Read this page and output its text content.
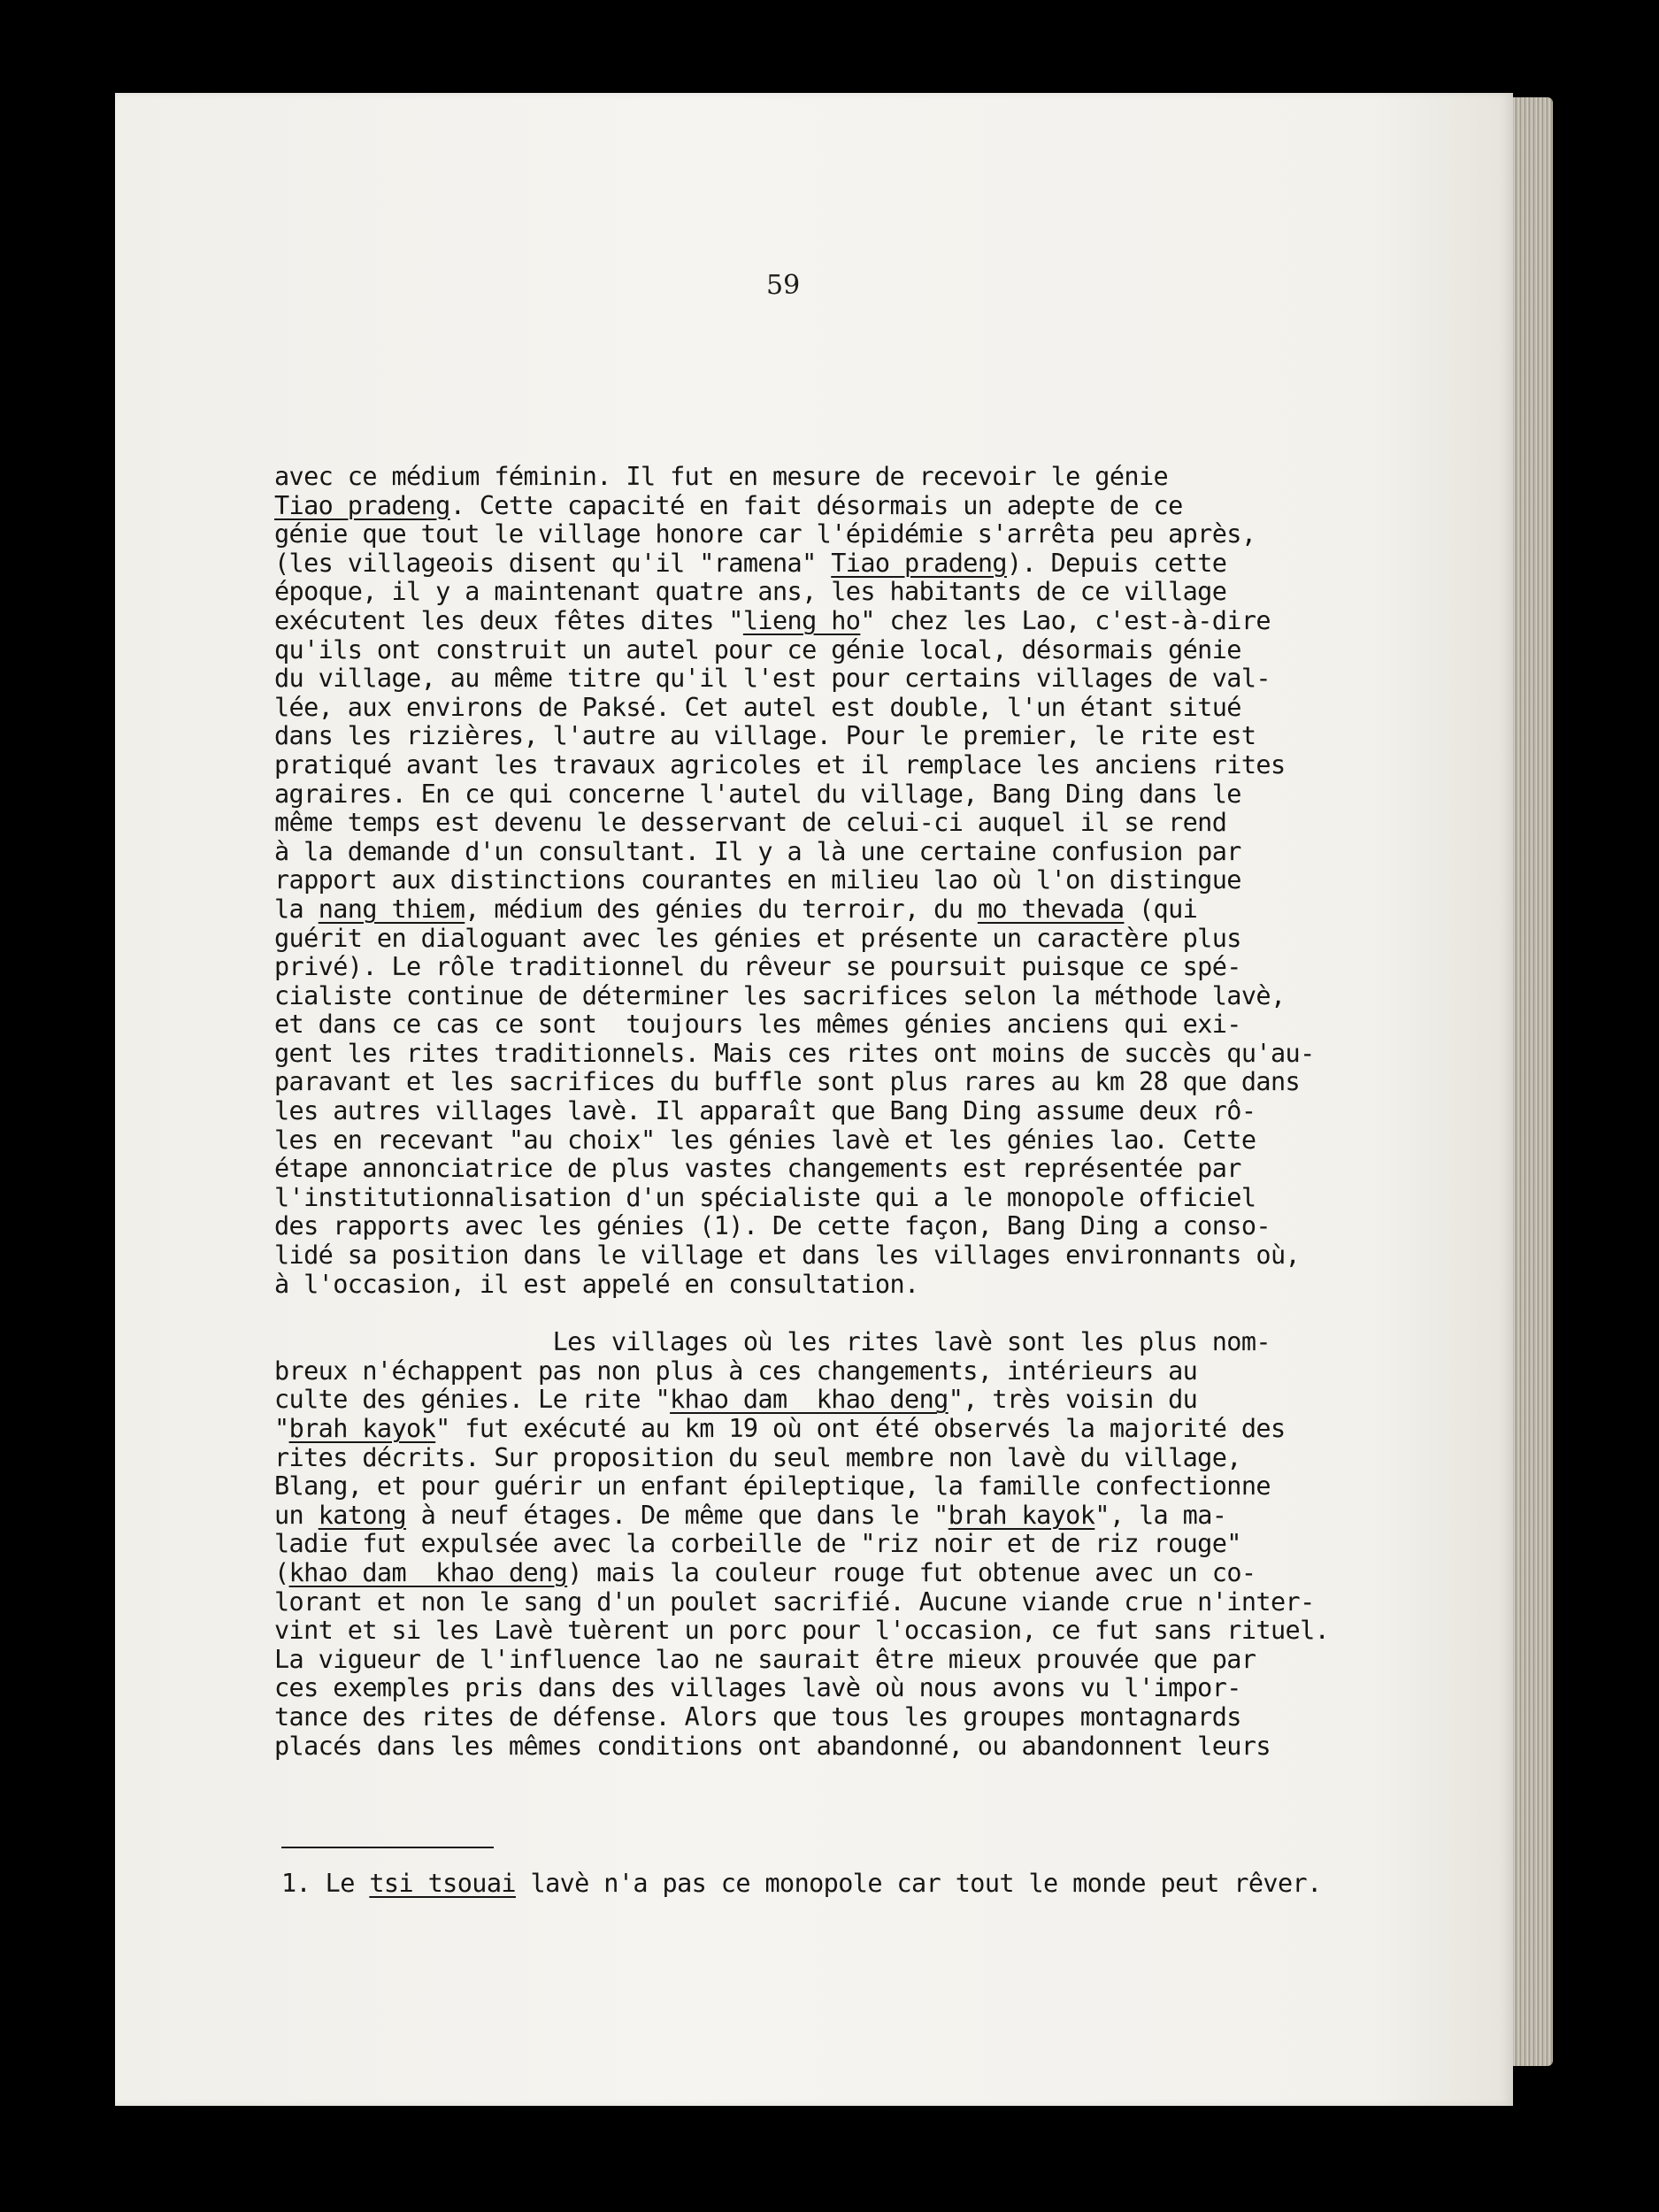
59
avec ce médium féminin. Il fut en mesure de recevoir le génie
Tiao pradeng. Cette capacité en fait désormais un adepte de ce
génie que tout le village honore car l'épidémie s'arrêta peu après,
(les villageois disent qu'il "ramena" Tiao pradeng). Depuis cette
époque, il y a maintenant quatre ans, les habitants de ce village
exécutent les deux fêtes dites "lieng ho" chez les Lao, c'est-à-dire
qu'ils ont construit un autel pour ce génie local, désormais génie
du village, au même titre qu'il l'est pour certains villages de val-
lée, aux environs de Paksé. Cet autel est double, l'un étant situé
dans les rizières, l'autre au village. Pour le premier, le rite est
pratiqué avant les travaux agricoles et il remplace les anciens rites
agraires. En ce qui concerne l'autel du village, Bang Ding dans le
même temps est devenu le desservant de celui-ci auquel il se rend
à la demande d'un consultant. Il y a là une certaine confusion par
rapport aux distinctions courantes en milieu lao où l'on distingue
la nang thiem, médium des génies du terroir, du mo thevada (qui
guérit en dialoguant avec les génies et présente un caractère plus
privé). Le rôle traditionnel du rêveur se poursuit puisque ce spé-
cialiste continue de déterminer les sacrifices selon la méthode lavè,
et dans ce cas ce sont  toujours les mêmes génies anciens qui exi-
gent les rites traditionnels. Mais ces rites ont moins de succès qu'au-
paravant et les sacrifices du buffle sont plus rares au km 28 que dans
les autres villages lavè. Il apparaît que Bang Ding assume deux rô-
les en recevant "au choix" les génies lavè et les génies lao. Cette
étape annonciatrice de plus vastes changements est représentée par
l'institutionnalisation d'un spécialiste qui a le monopole officiel
des rapports avec les génies (1). De cette façon, Bang Ding a conso-
lidé sa position dans le village et dans les villages environnants où,
à l'occasion, il est appelé en consultation.
Les villages où les rites lavè sont les plus nom-
breux n'échappent pas non plus à ces changements, intérieurs au
culte des génies. Le rite "khao dam  khao deng", très voisin du
"brah kayok" fut exécuté au km 19 où ont été observés la majorité des
rites décrits. Sur proposition du seul membre non lavè du village,
Blang, et pour guérir un enfant épileptique, la famille confectionne
un katong à neuf étages. De même que dans le "brah kayok", la ma-
ladie fut expulsée avec la corbeille de "riz noir et de riz rouge"
(khao dam  khao deng) mais la couleur rouge fut obtenue avec un co-
lorant et non le sang d'un poulet sacrifié. Aucune viande crue n'inter-
vint et si les Lavè tuèrent un porc pour l'occasion, ce fut sans rituel.
La vigueur de l'influence lao ne saurait être mieux prouvée que par
ces exemples pris dans des villages lavè où nous avons vu l'impor-
tance des rites de défense. Alors que tous les groupes montagnards
placés dans les mêmes conditions ont abandonné, ou abandonnent leurs
1. Le tsi tsouai lavè n'a pas ce monopole car tout le monde peut rêver.
